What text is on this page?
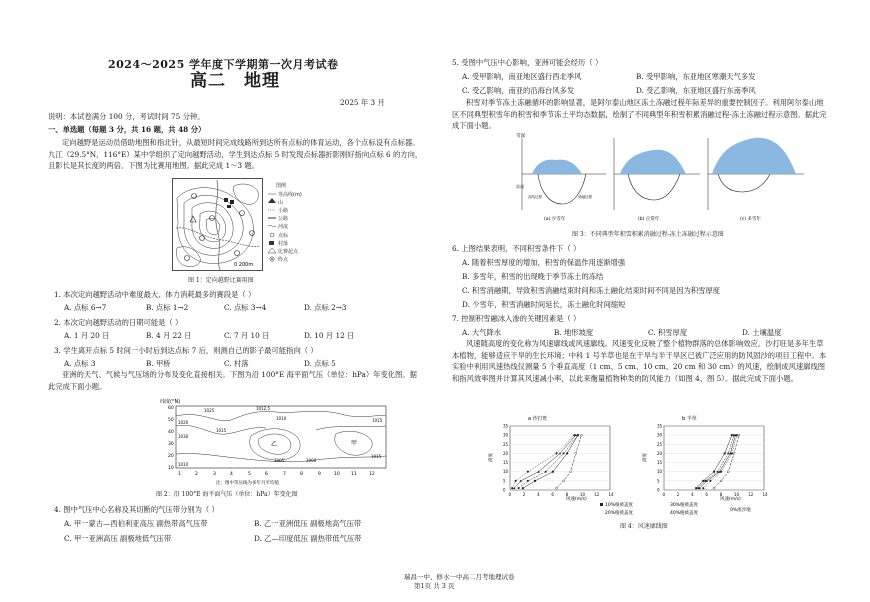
2024～2025 学年度下学期第一次月考试卷
高二 地理
2025 年 3 月
说明：本试卷满分 100 分，考试时间 75 分钟。
一、单选题（每题 3 分，共 16 题，共 48 分）
定向越野是运动员借助地图和指北针，从最短时间完成线路所到达所有点标的体育运动，各个点标设有点标器。九江（29.5°N，116°E）某中学组织了定向越野活动，学生到达点标 5 时发现点标器折影刚好指向点标 6 的方向，且影长是其长度的两倍。下图为比赛用地图。据此完成 1～3 题。
0 200m
图例
等高线(m)
山
小路
公路
河流
点标
村落
比赛起点
终点
图 1：定向越野比赛用图
1. 本次定向越野活动中难度最大、体力消耗最多的赛段是（ ）
A. 点标 6→7	B. 点标 1→2	C. 点标 3→4	D. 点标 2→3
2. 本次定向越野活动的日期可能是（ ）
A. 1 月 20 日	B. 4 月 22 日	C. 7 月 10 日	D. 10 月 12 日
3. 学生离开点标 5 时间一小时后到达点标 7 后，则测自己的影子最可能指向（ ）
A. 点标 3	B. 甲桥	C. 村落	D. 点标 5
亚洲的天气、气候与气压场的分布及变化直接相关。下图为沿 100°E 海平面气压（单位：hPa）年变化图。据此完成下面小题。
纬度(°N)
60
50
40
30
20
10
1	2	3	4	5	6	7	8	9	10	11	12
1025
1020
1015
1012.5
1010
1005	1000
1030
1015
1010
1015
乙	甲
注：图中等压线为多年月平均值
图 2：沿 100°E 海平面气压（单位：hPa）年变化图
4. 图中气压中心名称及其切断的气压带分别为（ ）
A. 甲一蒙古—西伯利亚高压 副热带高气压带	B. 乙一亚洲低压 副极地高气压带
C. 甲一亚洲高压 副极地低气压带	D. 乙—印度低压 副热带低气压带
5. 受图中气压中心影响，亚洲可能会经历（ ）
A. 受甲影响，南亚地区盛行西北季风	B. 受甲影响，东亚地区寒潮天气多发
C. 受乙影响，南亚的沿海台风多发	D. 受乙影响，东亚地区盛行东南季风
积雪对季节冻土冻融循环的影响显著，是阿尔泰山地区冻土冻融过程年际差异的重要控制因子。利用阿尔泰山地区不同典型积雪年的积雪和季节冻土平均态数据，绘制了不同典型年积雪积累消融过程-冻土冻融过程示意图。据此完成下面小题。
雪深
冻深
冻结过程	消融过程
(a) 少雪年	(b) 正常年	(c) 多雪年
图 3：不同典型年积雪积累消融过程-冻土冻融过程示意图
6. 上图结果表明，不同积雪条件下（ ）
A. 随着积雪厚度的增加，积雪的保温作用逐渐增强
B. 多雪年，积雪的出现晚于季节冻土的冻结
C. 积雪消融期，导致积雪消融结束时间和冻土融化结束时间不同是因为积雪厚度
D. 少雪年，积雪消融时间延长，冻土融化时间缩短
7. 控制积雪融冰入渗的关键因素是（ ）
A. 大气降水	B. 地形坡度	C. 积雪厚度	D. 土壤温度
风速随高度的变化称为风速廓线或风速廓线。风速变化反映了整个植物群落的总体影响效应。沙打旺是多年生草本植物，能够适应干旱的生长环境；中科 1 号羊草也是在干旱与半干旱区已被广泛应用的防风固沙的项目工程中。本实验中利用风速热线仪测量 5 个垂直高度（1 cm、5 cm、10 cm、20 cm 和 30 cm）的风速，绘制成风速廓线图和指风效率图并计算其风速减小率，以此来衡量植物种类的防风能力（如图 4、图 5）。据此完成下面小题。
a 沙打旺	b 羊草
高度	高度
风速(m/s)	风速(m/s)
10%植被盖度	30%植被盖度
20%植被盖度	40%植被盖度
0%流沙地
0
5
10
15
20
25
30
35
0	2	4	6	8	10 12 14
0
5
10
15
20
25
30
35
0	2	4	6	8	10 12 14
图 4：风速廓线图
瑞昌一中、修水一中高二月考地理试卷
第1页 共 3 页
